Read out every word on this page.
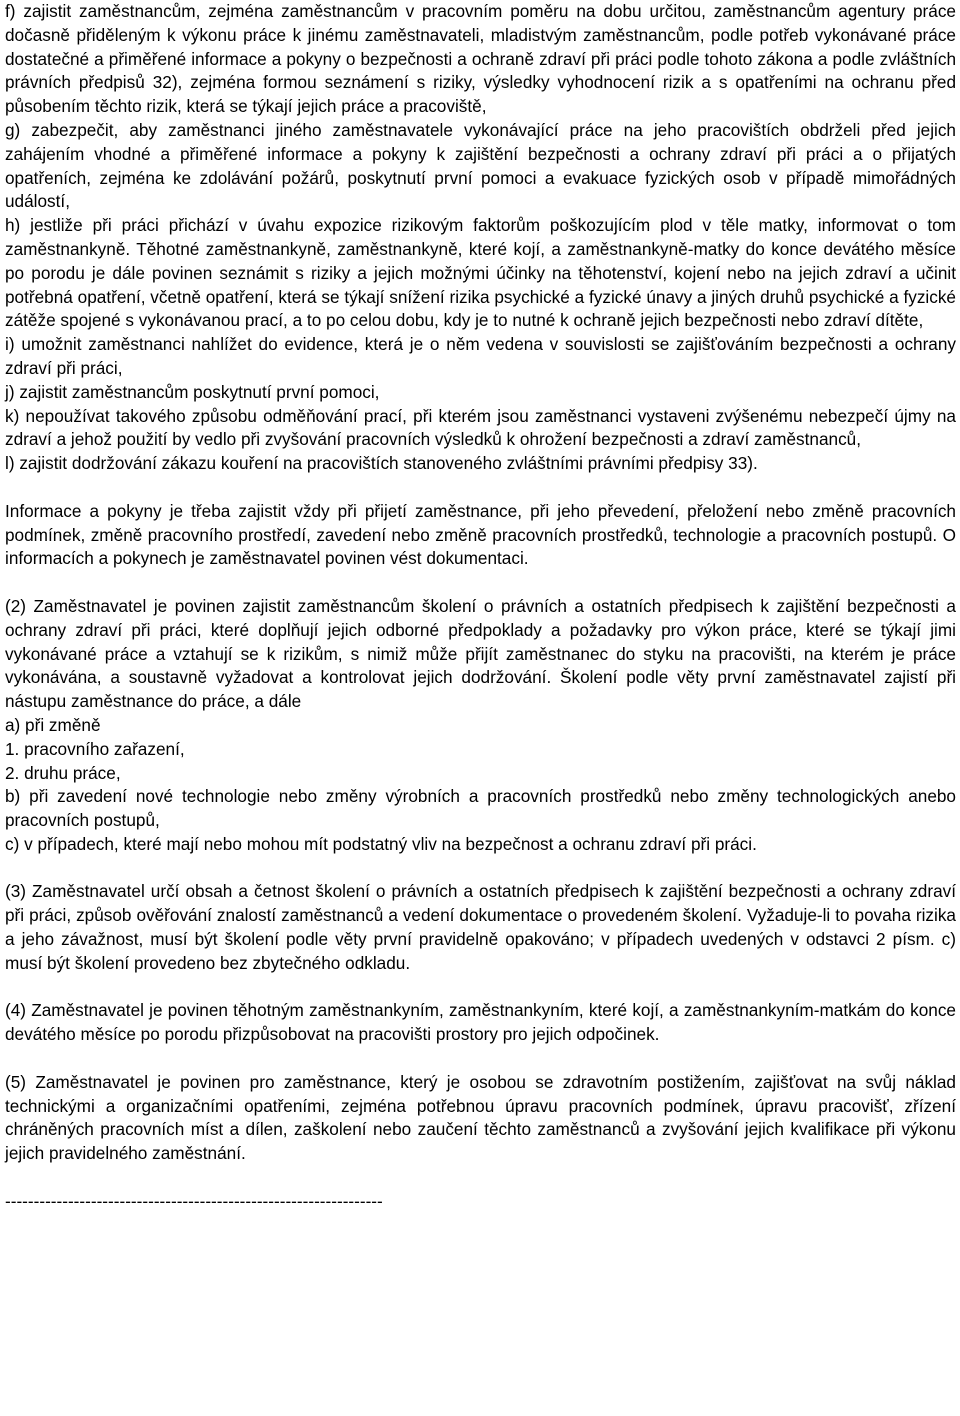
f) zajistit zaměstnancům, zejména zaměstnancům v pracovním poměru na dobu určitou, zaměstnancům agentury práce dočasně přiděleným k výkonu práce k jinému zaměstnavateli, mladistvým zaměstnancům, podle potřeb vykonávané práce dostatečné a přiměřené informace a pokyny o bezpečnosti a ochraně zdraví při práci podle tohoto zákona a podle zvláštních právních předpisů 32), zejména formou seznámení s riziky, výsledky vyhodnocení rizik a s opatřeními na ochranu před působením těchto rizik, která se týkají jejich práce a pracoviště,

g) zabezpečit, aby zaměstnanci jiného zaměstnavatele vykonávající práce na jeho pracovištích obdrželi před jejich zahájením vhodné a přiměřené informace a pokyny k zajištění bezpečnosti a ochrany zdraví při práci a o přijatých opatřeních, zejména ke zdolávání požárů, poskytnutí první pomoci a evakuace fyzických osob v případě mimořádných událostí,

h) jestliže při práci přichází v úvahu expozice rizikovým faktorům poškozujícím plod v těle matky, informovat o tom zaměstnankyně. Těhotné zaměstnankyně, zaměstnankyně, které kojí, a zaměstnankyně-matky do konce devátého měsíce po porodu je dále povinen seznámit s riziky a jejich možnými účinky na těhotenství, kojení nebo na jejich zdraví a učinit potřebná opatření, včetně opatření, která se týkají snížení rizika psychické a fyzické únavy a jiných druhů psychické a fyzické zátěže spojené s vykonávanou prací, a to po celou dobu, kdy je to nutné k ochraně jejich bezpečnosti nebo zdraví dítěte,

i) umožnit zaměstnanci nahlížet do evidence, která je o něm vedena v souvislosti se zajišťováním bezpečnosti a ochrany zdraví při práci,

j) zajistit zaměstnancům poskytnutí první pomoci,

k) nepoužívat takového způsobu odměňování prací, při kterém jsou zaměstnanci vystaveni zvýšenému nebezpečí újmy na zdraví a jehož použití by vedlo při zvyšování pracovních výsledků k ohrožení bezpečnosti a zdraví zaměstnanců,

l) zajistit dodržování zákazu kouření na pracovištích stanoveného zvláštními právními předpisy 33).

Informace a pokyny je třeba zajistit vždy při přijetí zaměstnance, při jeho převedení, přeložení nebo změně pracovních podmínek, změně pracovního prostředí, zavedení nebo změně pracovních prostředků, technologie a pracovních postupů. O informacích a pokynech je zaměstnavatel povinen vést dokumentaci.

(2) Zaměstnavatel je povinen zajistit zaměstnancům školení o právních a ostatních předpisech k zajištění bezpečnosti a ochrany zdraví při práci, které doplňují jejich odborné předpoklady a požadavky pro výkon práce, které se týkají jimi vykonávané práce a vztahují se k rizikům, s nimiž může přijít zaměstnanec do styku na pracovišti, na kterém je práce vykonávána, a soustavně vyžadovat a kontrolovat jejich dodržování. Školení podle věty první zaměstnavatel zajistí při nástupu zaměstnance do práce, a dále

a) při změně

1. pracovního zařazení,

2. druhu práce,

b) při zavedení nové technologie nebo změny výrobních a pracovních prostředků nebo změny technologických anebo pracovních postupů,

c) v případech, které mají nebo mohou mít podstatný vliv na bezpečnost a ochranu zdraví při práci.

(3) Zaměstnavatel určí obsah a četnost školení o právních a ostatních předpisech k zajištění bezpečnosti a ochrany zdraví při práci, způsob ověřování znalostí zaměstnanců a vedení dokumentace o provedeném školení. Vyžaduje-li to povaha rizika a jeho závažnost, musí být školení podle věty první pravidelně opakováno; v případech uvedených v odstavci 2 písm. c) musí být školení provedeno bez zbytečného odkladu.

(4) Zaměstnavatel je povinen těhotným zaměstnankyním, zaměstnankyním, které kojí, a zaměstnankyním-matkám do konce devátého měsíce po porodu přizpůsobovat na pracovišti prostory pro jejich odpočinek.

(5) Zaměstnavatel je povinen pro zaměstnance, který je osobou se zdravotním postižením, zajišťovat na svůj náklad technickými a organizačními opatřeními, zejména potřebnou úpravu pracovních podmínek, úpravu pracovišť, zřízení chráněných pracovních míst a dílen, zaškolení nebo zaučení těchto zaměstnanců a zvyšování jejich kvalifikace při výkonu jejich pravidelného zaměstnání.

------------------------------------------------------------------
